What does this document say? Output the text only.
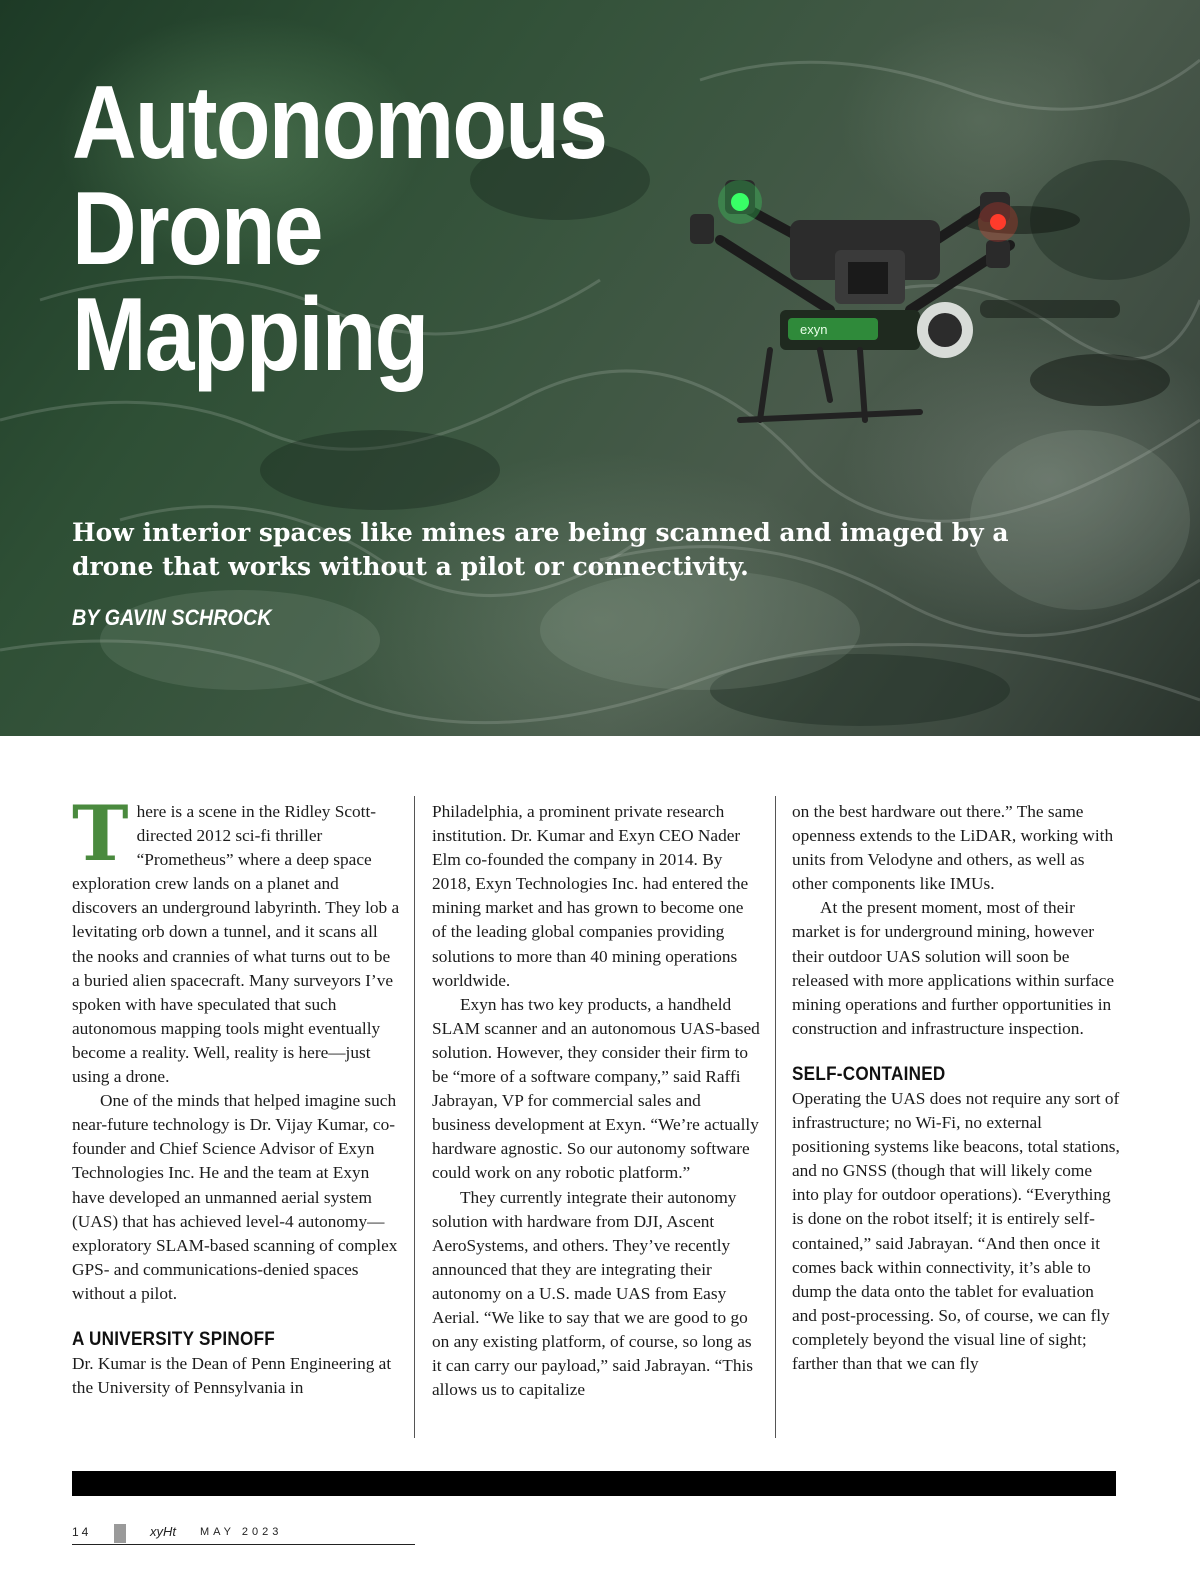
exyn
Autonomous
Drone
Mapping

How interior spaces like mines are being scanned and imaged by a drone that works without a pilot or connectivity.

BY GAVIN SCHROCK

There is a scene in the Ridley Scott-directed 2012 sci-fi thriller “Prometheus” where a deep space exploration crew lands on a planet and discovers an underground labyrinth. They lob a levitating orb down a tunnel, and it scans all the nooks and crannies of what turns out to be a buried alien spacecraft. Many surveyors I’ve spoken with have speculated that such autonomous mapping tools might eventually become a reality. Well, reality is here—just using a drone.

One of the minds that helped imagine such near-future technology is Dr. Vijay Kumar, co-founder and Chief Science Advisor of Exyn Technologies Inc. He and the team at Exyn have developed an unmanned aerial system (UAS) that has achieved level-4 autonomy—exploratory SLAM-based scanning of complex GPS- and communications-denied spaces without a pilot.

A UNIVERSITY SPINOFF

Dr. Kumar is the Dean of Penn Engineering at the University of Pennsylvania in

Philadelphia, a prominent private research institution. Dr. Kumar and Exyn CEO Nader Elm co-founded the company in 2014. By 2018, Exyn Technologies Inc. had entered the mining market and has grown to become one of the leading global companies providing solutions to more than 40 mining operations worldwide.

Exyn has two key products, a handheld SLAM scanner and an autonomous UAS-based solution. However, they consider their firm to be “more of a software company,” said Raffi Jabrayan, VP for commercial sales and business development at Exyn. “We’re actually hardware agnostic. So our autonomy software could work on any robotic platform.”

They currently integrate their autonomy solution with hardware from DJI, Ascent AeroSystems, and others. They’ve recently announced that they are integrating their autonomy on a U.S. made UAS from Easy Aerial. “We like to say that we are good to go on any existing platform, of course, so long as it can carry our payload,” said Jabrayan. “This allows us to capitalize

on the best hardware out there.” The same openness extends to the LiDAR, working with units from Velodyne and others, as well as other components like IMUs.

At the present moment, most of their market is for underground mining, however their outdoor UAS solution will soon be released with more applications within surface mining operations and further opportunities in construction and infrastructure inspection.

SELF-CONTAINED

Operating the UAS does not require any sort of infrastructure; no Wi-Fi, no external positioning systems like beacons, total stations, and no GNSS (though that will likely come into play for outdoor operations). “Everything is done on the robot itself; it is entirely self-contained,” said Jabrayan. “And then once it comes back within connectivity, it’s able to dump the data onto the tablet for evaluation and post-processing. So, of course, we can fly completely beyond the visual line of sight; farther than that we can fly

14	xyHt MAY 2023
